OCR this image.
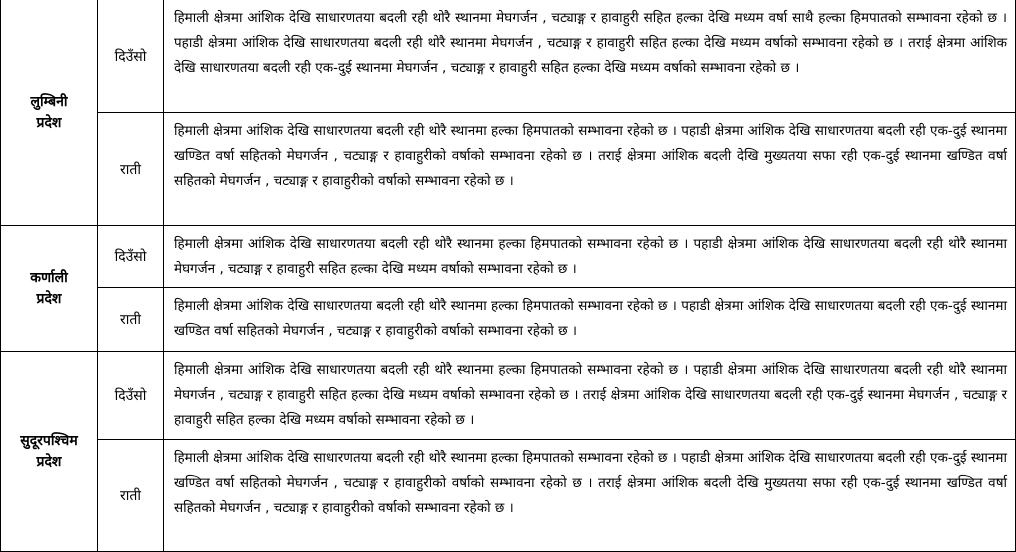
लुम्बिनी
प्रदेश	दिउँसो	हिमाली क्षेत्रमा आंशिक देखि साधारणतया बदली रही थोरै स्थानमा मेघगर्जन , चट्याङ्ग र हावाहुरी सहित हल्का देखि मध्यम वर्षा साथै हल्का हिमपातको सम्भावना रहेको छ । पहाडी क्षेत्रमा आंशिक देखि साधारणतया बदली रही थोरै स्थानमा मेघगर्जन , चट्याङ्ग र हावाहुरी सहित हल्का देखि मध्यम वर्षाको सम्भावना रहेको छ । तराई क्षेत्रमा आंशिक देखि साधारणतया बदली रही एक-दुई स्थानमा मेघगर्जन , चट्याङ्ग र हावाहुरी सहित हल्का देखि मध्यम वर्षाको सम्भावना रहेको छ ।
	राती	हिमाली क्षेत्रमा आंशिक देखि साधारणतया बदली रही थोरै स्थानमा हल्का हिमपातको सम्भावना रहेको छ । पहाडी क्षेत्रमा आंशिक देखि साधारणतया बदली रही एक-दुई स्थानमा खण्डित वर्षा सहितको मेघगर्जन , चट्याङ्ग र हावाहुरीको वर्षाको सम्भावना रहेको छ । तराई क्षेत्रमा आंशिक बदली देखि मुख्यतया सफा रही एक-दुई स्थानमा खण्डित वर्षा सहितको मेघगर्जन , चट्याङ्ग र हावाहुरीको वर्षाको सम्भावना रहेको छ ।

कर्णाली
प्रदेश	दिउँसो	हिमाली क्षेत्रमा आंशिक देखि साधारणतया बदली रही थोरै स्थानमा हल्का हिमपातको सम्भावना रहेको छ । पहाडी क्षेत्रमा आंशिक देखि साधारणतया बदली रही थोरै स्थानमा मेघगर्जन , चट्याङ्ग र हावाहुरी सहित हल्का देखि मध्यम वर्षाको सम्भावना रहेको छ ।
	राती	हिमाली क्षेत्रमा आंशिक देखि साधारणतया बदली रही थोरै स्थानमा हल्का हिमपातको सम्भावना रहेको छ । पहाडी क्षेत्रमा आंशिक देखि साधारणतया बदली रही एक-दुई स्थानमा खण्डित वर्षा सहितको मेघगर्जन , चट्याङ्ग र हावाहुरीको वर्षाको सम्भावना रहेको छ ।

सुदूरपश्चिम
प्रदेश	दिउँसो	हिमाली क्षेत्रमा आंशिक देखि साधारणतया बदली रही थोरै स्थानमा हल्का हिमपातको सम्भावना रहेको छ । पहाडी क्षेत्रमा आंशिक देखि साधारणतया बदली रही थोरै स्थानमा मेघगर्जन , चट्याङ्ग र हावाहुरी सहित हल्का देखि मध्यम वर्षाको सम्भावना रहेको छ । तराई क्षेत्रमा आंशिक देखि साधारणतया बदली रही एक-दुई स्थानमा मेघगर्जन , चट्याङ्ग र हावाहुरी सहित हल्का देखि मध्यम वर्षाको सम्भावना रहेको छ ।
	राती	हिमाली क्षेत्रमा आंशिक देखि साधारणतया बदली रही थोरै स्थानमा हल्का हिमपातको सम्भावना रहेको छ । पहाडी क्षेत्रमा आंशिक देखि साधारणतया बदली रही एक-दुई स्थानमा खण्डित वर्षा सहितको मेघगर्जन , चट्याङ्ग र हावाहुरीको वर्षाको सम्भावना रहेको छ । तराई क्षेत्रमा आंशिक बदली देखि मुख्यतया सफा रही एक-दुई स्थानमा खण्डित वर्षा सहितको मेघगर्जन , चट्याङ्ग र हावाहुरीको वर्षाको सम्भावना रहेको छ ।
